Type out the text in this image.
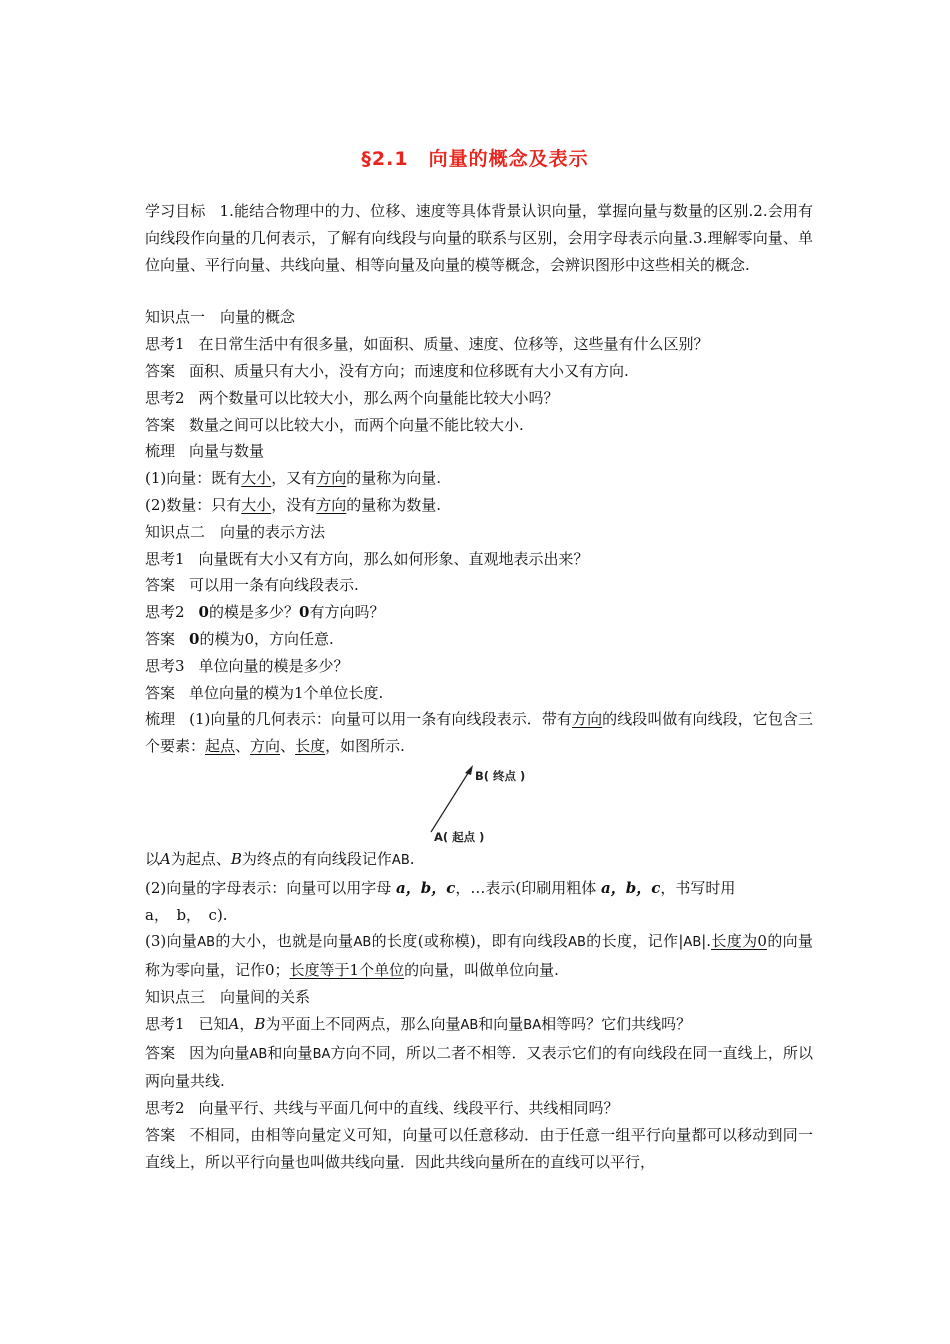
§2.1　向量的概念及表示

学习目标 1.能结合物理中的力、位移、速度等具体背景认识向量，掌握向量与数量的区别.2.会用有向线段作向量的几何表示，了解有向线段与向量的联系与区别，会用字母表示向量.3.理解零向量、单位向量、平行向量、共线向量、相等向量及向量的模等概念，会辨识图形中这些相关的概念.

知识点一　向量的概念

思考1 在日常生活中有很多量，如面积、质量、速度、位移等，这些量有什么区别？

答案 面积、质量只有大小，没有方向；而速度和位移既有大小又有方向.

思考2 两个数量可以比较大小，那么两个向量能比较大小吗？

答案 数量之间可以比较大小，而两个向量不能比较大小.

梳理 向量与数量

(1)向量：既有大小，又有方向的量称为向量.

(2)数量：只有大小，没有方向的量称为数量.

知识点二　向量的表示方法

思考1 向量既有大小又有方向，那么如何形象、直观地表示出来？

答案 可以用一条有向线段表示.

思考2 0的模是多少？0有方向吗？

答案 0的模为0，方向任意.

思考3 单位向量的模是多少？

答案 单位向量的模为1个单位长度.

梳理 (1)向量的几何表示：向量可以用一条有向线段表示．带有方向的线段叫做有向线段，它包含三个要素：起点、方向、长度，如图所示.

B( 终点 )
A( 起点 )

以A为起点、B为终点的有向线段记作AB.

(2)向量的字母表示：向量可以用字母 a，b，c，…表示(印刷用粗体 a，b，c，书写时用

a，　b，　c).

(3)向量AB的大小，也就是向量AB的长度(或称模)，即有向线段AB的长度，记作|AB|.长度为0的向量称为零向量，记作0；长度等于1个单位的向量，叫做单位向量.

知识点三　向量间的关系

思考1 已知A，B为平面上不同两点，那么向量AB和向量BA相等吗？它们共线吗？

答案 因为向量AB和向量BA方向不同，所以二者不相等．又表示它们的有向线段在同一直线上，所以两向量共线.

思考2 向量平行、共线与平面几何中的直线、线段平行、共线相同吗？

答案 不相同，由相等向量定义可知，向量可以任意移动．由于任意一组平行向量都可以移动到同一直线上，所以平行向量也叫做共线向量．因此共线向量所在的直线可以平行，
